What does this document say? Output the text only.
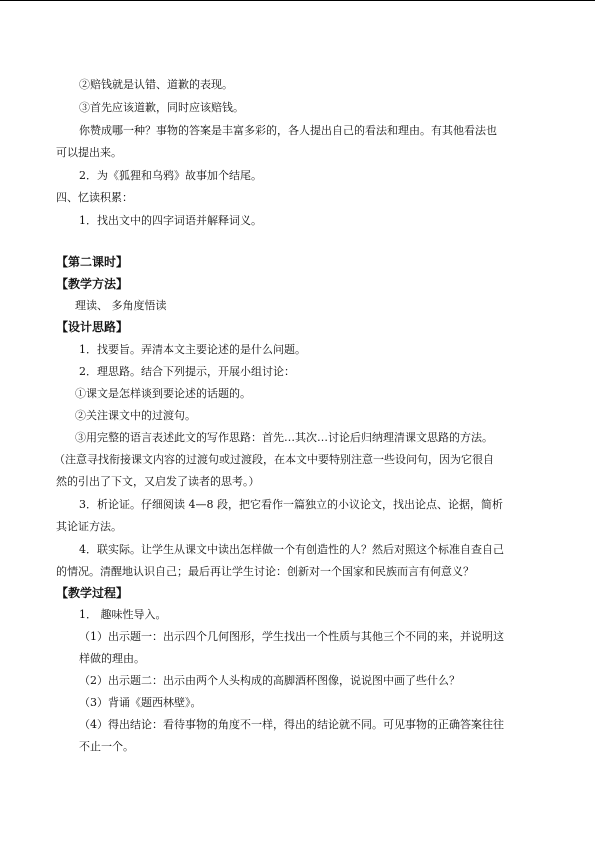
②赔钱就是认错、道歉的表现。
③首先应该道歉，同时应该赔钱。
你赞成哪一种？事物的答案是丰富多彩的，各人提出自己的看法和理由。有其他看法也
可以提出来。
2．为《狐狸和乌鸦》故事加个结尾。
四、忆读积累：
1．找出文中的四字词语并解释词义。
【第二课时】
【教学方法】
理读、 多角度悟读
【设计思路】
1．找要旨。弄清本文主要论述的是什么问题。
2．理思路。结合下列提示，开展小组讨论：
①课文是怎样谈到要论述的话题的。
②关注课文中的过渡句。
③用完整的语言表述此文的写作思路：首先…其次…讨论后归纳理清课文思路的方法。
（注意寻找衔接课文内容的过渡句或过渡段，在本文中要特别注意一些设问句，因为它很自
然的引出了下文，又启发了读者的思考。）
3．析论证。仔细阅读 4—8 段，把它看作一篇独立的小议论文，找出论点、论据，简析
其论证方法。
4．联实际。让学生从课文中读出怎样做一个有创造性的人？然后对照这个标准自查自己
的情况。清醒地认识自己；最后再让学生讨论：创新对一个国家和民族而言有何意义？
【教学过程】
1． 趣味性导入。
（1）出示题一：出示四个几何图形，学生找出一个性质与其他三个不同的来，并说明这
样做的理由。
（2）出示题二：出示由两个人头构成的高脚酒杯图像，说说图中画了些什么？
（3）背诵《题西林壁》。
（4）得出结论：看待事物的角度不一样，得出的结论就不同。可见事物的正确答案往往
不止一个。
